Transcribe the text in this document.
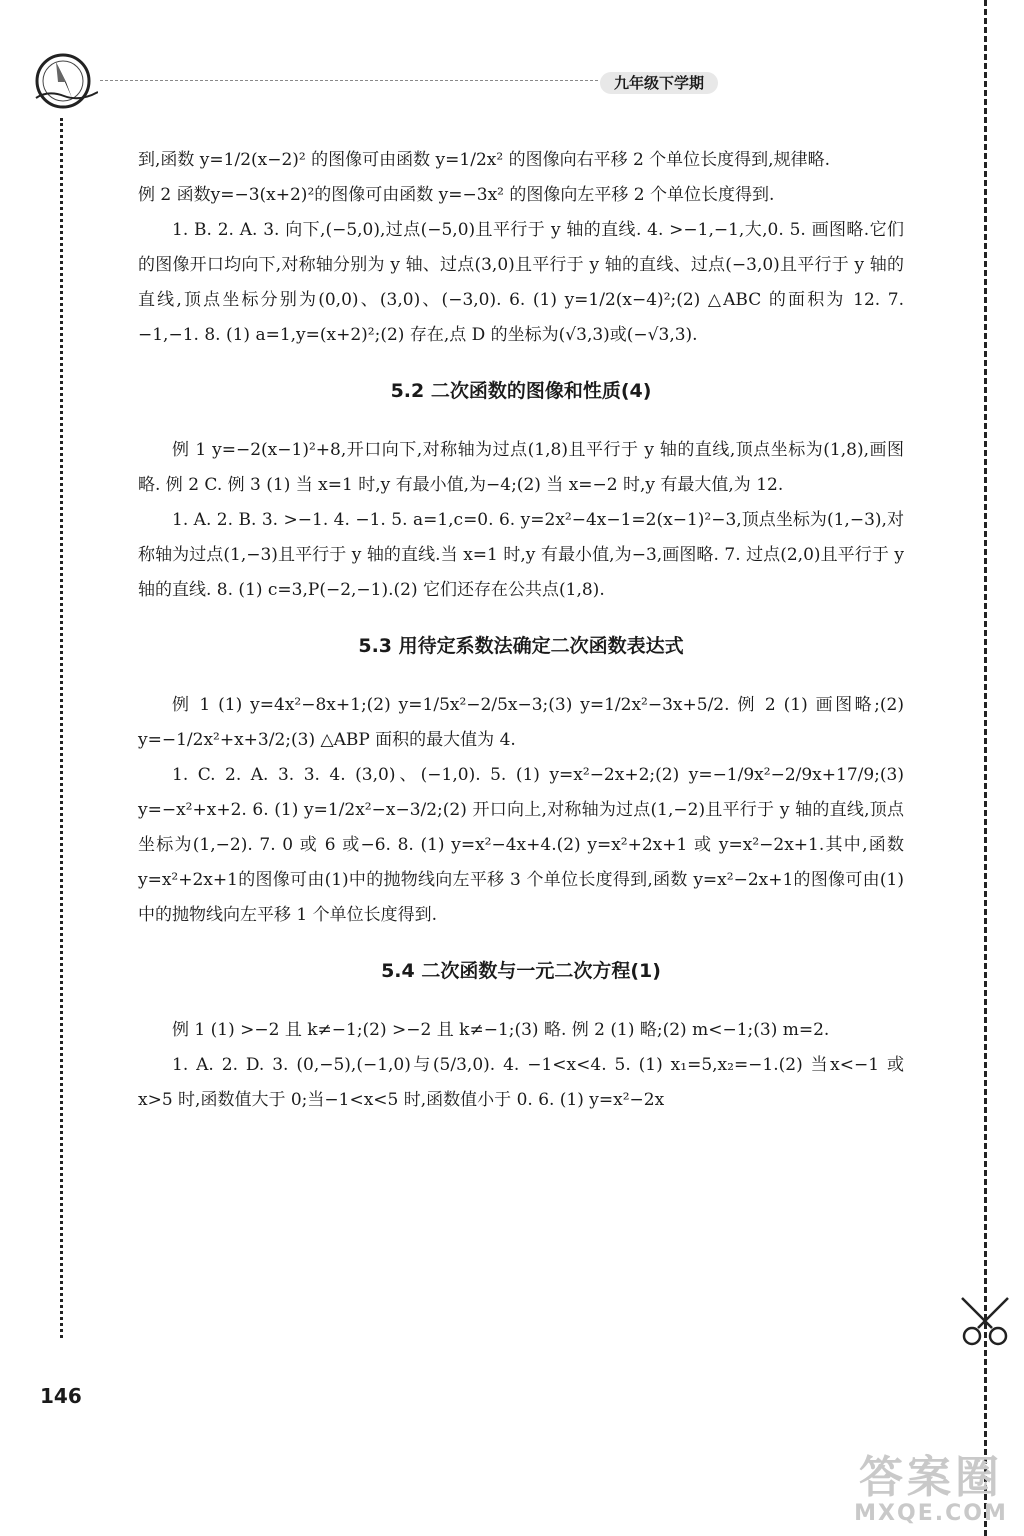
九年级下学期

到,函数 y=1/2(x−2)² 的图像可由函数 y=1/2x² 的图像向右平移 2 个单位长度得到,规律略.

例 2 函数y=−3(x+2)²的图像可由函数 y=−3x² 的图像向左平移 2 个单位长度得到.

1. B. 2. A. 3. 向下,(−5,0),过点(−5,0)且平行于 y 轴的直线. 4. >−1,−1,大,0. 5. 画图略.它们的图像开口均向下,对称轴分别为 y 轴、过点(3,0)且平行于 y 轴的直线、过点(−3,0)且平行于 y 轴的直线,顶点坐标分别为(0,0)、(3,0)、(−3,0). 6. (1) y=1/2(x−4)²;(2) △ABC 的面积为 12. 7. −1,−1. 8. (1) a=1,y=(x+2)²;(2) 存在,点 D 的坐标为(√3,3)或(−√3,3).

5.2 二次函数的图像和性质(4)

例 1 y=−2(x−1)²+8,开口向下,对称轴为过点(1,8)且平行于 y 轴的直线,顶点坐标为(1,8),画图略. 例 2 C. 例 3 (1) 当 x=1 时,y 有最小值,为−4;(2) 当 x=−2 时,y 有最大值,为 12.

1. A. 2. B. 3. >−1. 4. −1. 5. a=1,c=0. 6. y=2x²−4x−1=2(x−1)²−3,顶点坐标为(1,−3),对称轴为过点(1,−3)且平行于 y 轴的直线.当 x=1 时,y 有最小值,为−3,画图略. 7. 过点(2,0)且平行于 y 轴的直线. 8. (1) c=3,P(−2,−1).(2) 它们还存在公共点(1,8).

5.3 用待定系数法确定二次函数表达式

例 1 (1) y=4x²−8x+1;(2) y=1/5x²−2/5x−3;(3) y=1/2x²−3x+5/2. 例 2 (1) 画图略;(2) y=−1/2x²+x+3/2;(3) △ABP 面积的最大值为 4.

1. C. 2. A. 3. 3. 4. (3,0)、(−1,0). 5. (1) y=x²−2x+2;(2) y=−1/9x²−2/9x+17/9;(3) y=−x²+x+2. 6. (1) y=1/2x²−x−3/2;(2) 开口向上,对称轴为过点(1,−2)且平行于 y 轴的直线,顶点坐标为(1,−2). 7. 0 或 6 或−6. 8. (1) y=x²−4x+4.(2) y=x²+2x+1 或 y=x²−2x+1.其中,函数y=x²+2x+1的图像可由(1)中的抛物线向左平移 3 个单位长度得到,函数 y=x²−2x+1的图像可由(1)中的抛物线向左平移 1 个单位长度得到.

5.4 二次函数与一元二次方程(1)

例 1 (1) >−2 且 k≠−1;(2) >−2 且 k≠−1;(3) 略. 例 2 (1) 略;(2) m<−1;(3) m=2.

1. A. 2. D. 3. (0,−5),(−1,0)与(5/3,0). 4. −1<x<4. 5. (1) x₁=5,x₂=−1.(2) 当x<−1 或 x>5 时,函数值大于 0;当−1<x<5 时,函数值小于 0. 6. (1) y=x²−2x

146
答案圈
MXQE.COM
